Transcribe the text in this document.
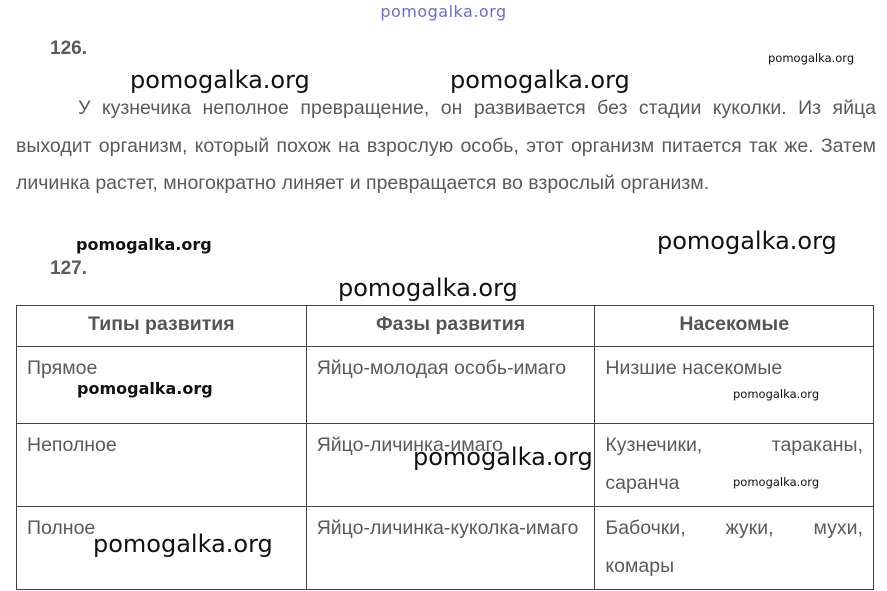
pomogalka.org
126.

У кузнечика неполное превращение, он развивается без стадии куколки. Из яйца выходит организм, который похож на взрослую особь, этот организм питается так же. Затем личинка растет, многократно линяет и превращается во взрослый организм.

127.
Типы развития	Фазы развития	Насекомые
Прямое	Яйцо-молодая особь-имаго	Низшие насекомые
Неполное	Яйцо-личинка-имаго	Кузнечики, тараканы, саранча
Полное	Яйцо-личинка-куколка-имаго	Бабочки, жуки, мухи, комары
pomogalka.org	pomogalka.org
pomogalka.org
pomogalka.org	pomogalka.org
pomogalka.org
pomogalka.org	pomogalka.org
pomogalka.org
pomogalka.org
pomogalka.org
